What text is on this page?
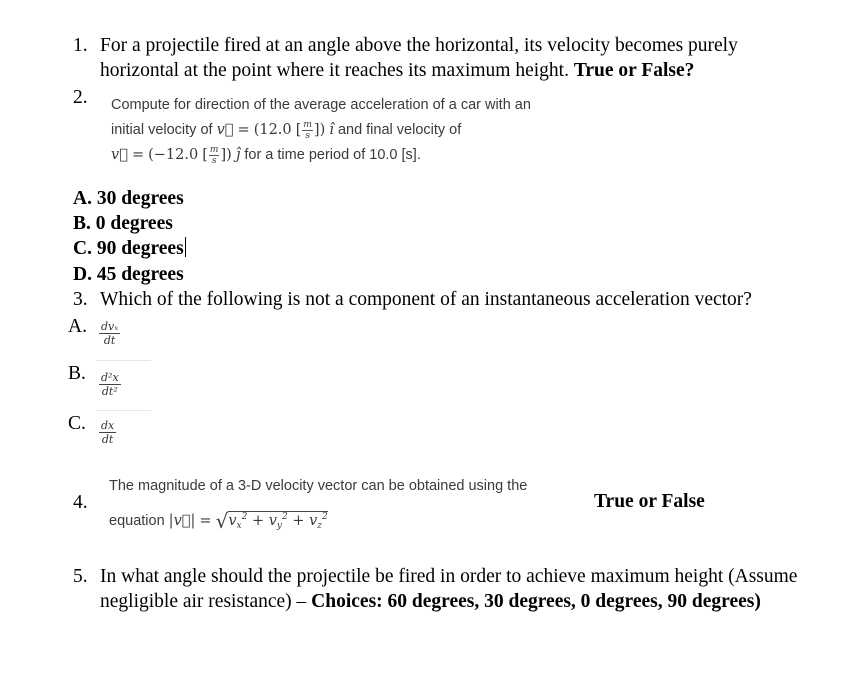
1. For a projectile fired at an angle above the horizontal, its velocity becomes purely
horizontal at the point where it reaches its maximum height. True or False?
2. Compute for direction of the average acceleration of a car with an
initial velocity of v⃗ = (12.0 [ $\frac{m}{s}$ ]) î and final velocity of
v⃗ = (−12.0 [ $\frac{m}{s}$ ]) ĵ for a time period of 10.0 [s].
A. 30 degrees
B. 0 degrees
C. 90 degrees
D. 45 degrees
3. Which of the following is not a component of an instantaneous acceleration vector?
A. dvₓ
dt
B. $\frac{\text{d²x}}{\text{dt²}}$
C. $\frac{dx}{dt}$
The magnitude of a 3-D velocity vector can be obtained using the
equation |v⃗| = $√v_x^2 + v_y^2 + v_z^2$
4.	True or False
5. In what angle should the projectile be fired in order to achieve maximum height (Assume
negligible air resistance) – Choices: 60 degrees, 30 degrees, 0 degrees, 90 degrees)
